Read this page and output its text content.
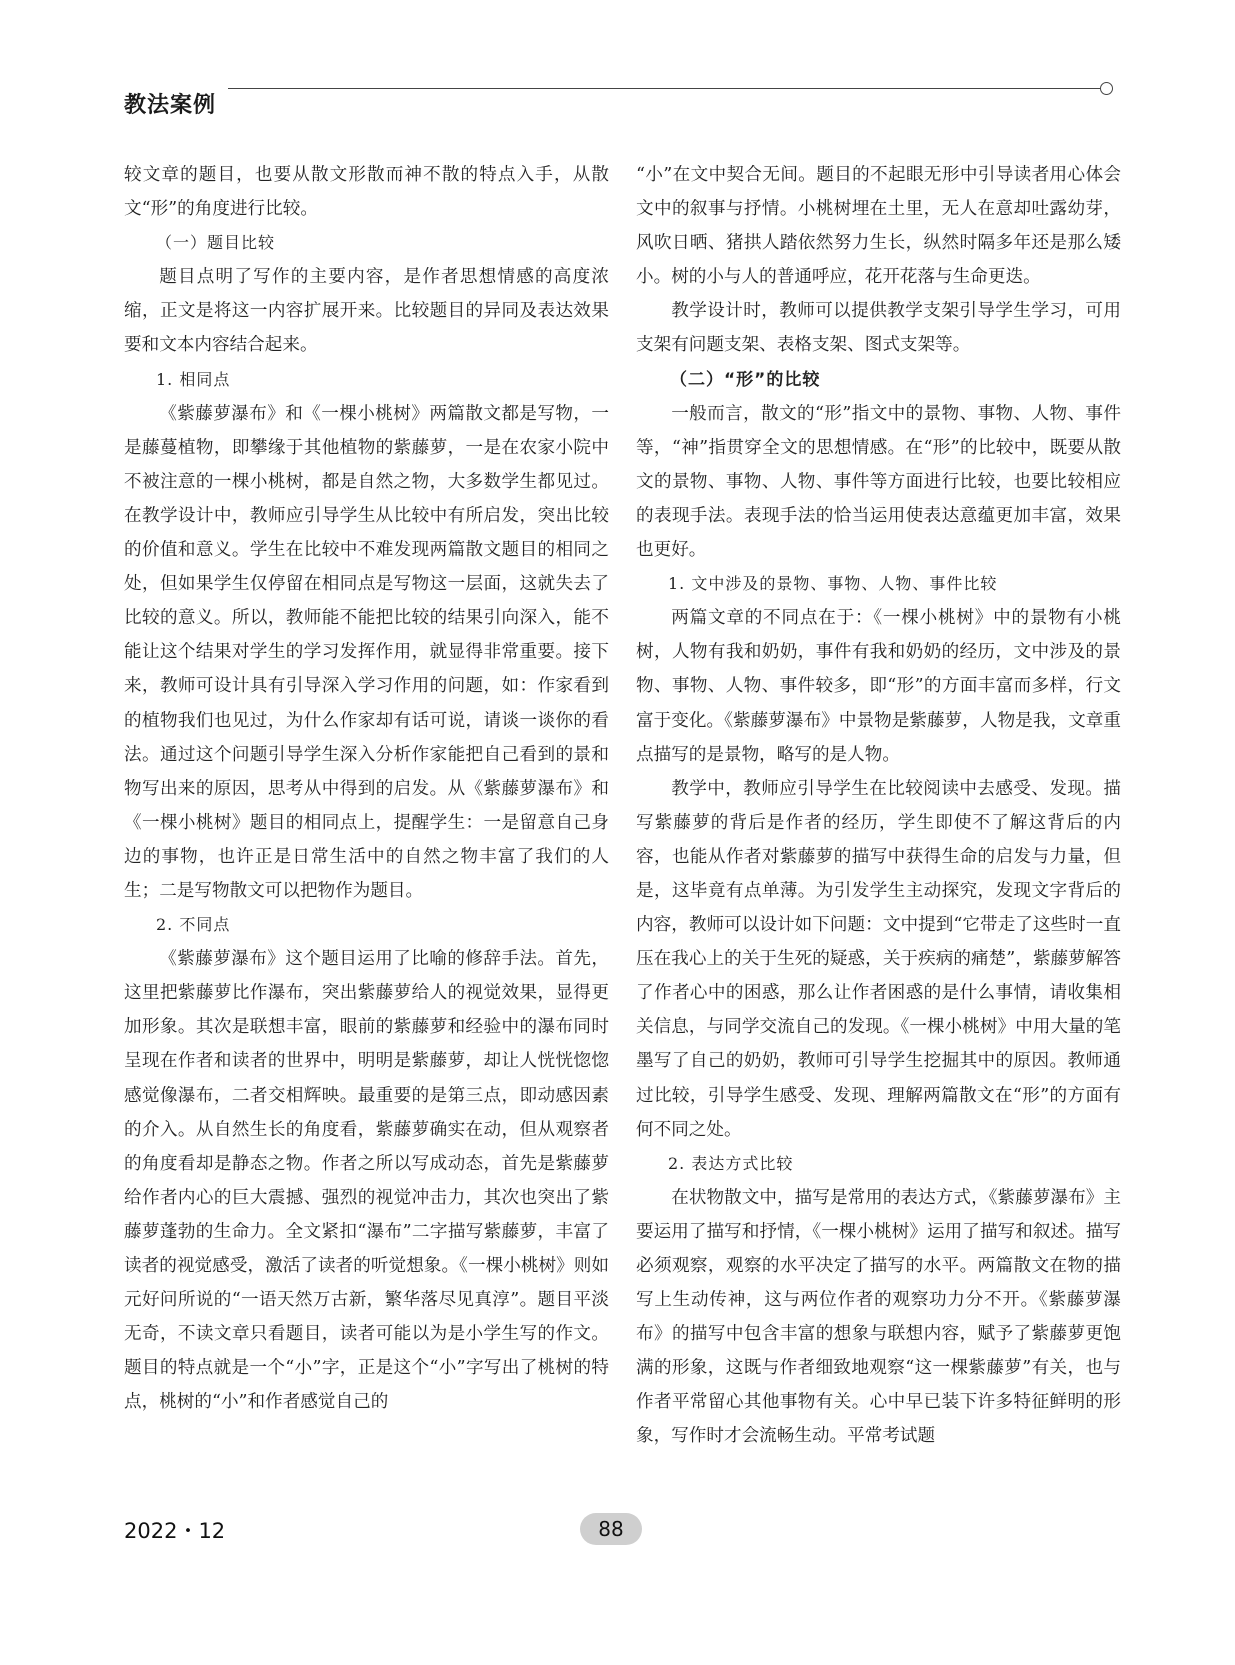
教法案例

较文章的题目，也要从散文形散而神不散的特点入手，从散文“形”的角度进行比较。

（一）题目比较

题目点明了写作的主要内容，是作者思想情感的高度浓缩，正文是将这一内容扩展开来。比较题目的异同及表达效果要和文本内容结合起来。

1. 相同点

《紫藤萝瀑布》和《一棵小桃树》两篇散文都是写物，一是藤蔓植物，即攀缘于其他植物的紫藤萝，一是在农家小院中不被注意的一棵小桃树，都是自然之物，大多数学生都见过。在教学设计中，教师应引导学生从比较中有所启发，突出比较的价值和意义。学生在比较中不难发现两篇散文题目的相同之处，但如果学生仅停留在相同点是写物这一层面，这就失去了比较的意义。所以，教师能不能把比较的结果引向深入，能不能让这个结果对学生的学习发挥作用，就显得非常重要。接下来，教师可设计具有引导深入学习作用的问题，如：作家看到的植物我们也见过，为什么作家却有话可说，请谈一谈你的看法。通过这个问题引导学生深入分析作家能把自己看到的景和物写出来的原因，思考从中得到的启发。从《紫藤萝瀑布》和《一棵小桃树》题目的相同点上，提醒学生：一是留意自己身边的事物，也许正是日常生活中的自然之物丰富了我们的人生；二是写物散文可以把物作为题目。

2. 不同点

《紫藤萝瀑布》这个题目运用了比喻的修辞手法。首先，这里把紫藤萝比作瀑布，突出紫藤萝给人的视觉效果，显得更加形象。其次是联想丰富，眼前的紫藤萝和经验中的瀑布同时呈现在作者和读者的世界中，明明是紫藤萝，却让人恍恍惚惚感觉像瀑布，二者交相辉映。最重要的是第三点，即动感因素的介入。从自然生长的角度看，紫藤萝确实在动，但从观察者的角度看却是静态之物。作者之所以写成动态，首先是紫藤萝给作者内心的巨大震撼、强烈的视觉冲击力，其次也突出了紫藤萝蓬勃的生命力。全文紧扣“瀑布”二字描写紫藤萝，丰富了读者的视觉感受，激活了读者的听觉想象。《一棵小桃树》则如元好问所说的“一语天然万古新，繁华落尽见真淳”。题目平淡无奇，不读文章只看题目，读者可能以为是小学生写的作文。题目的特点就是一个“小”字，正是这个“小”字写出了桃树的特点，桃树的“小”和作者感觉自己的

“小”在文中契合无间。题目的不起眼无形中引导读者用心体会文中的叙事与抒情。小桃树埋在土里，无人在意却吐露幼芽，风吹日晒、猪拱人踏依然努力生长，纵然时隔多年还是那么矮小。树的小与人的普通呼应，花开花落与生命更迭。

教学设计时，教师可以提供教学支架引导学生学习，可用支架有问题支架、表格支架、图式支架等。

（二）“形”的比较

一般而言，散文的“形”指文中的景物、事物、人物、事件等，“神”指贯穿全文的思想情感。在“形”的比较中，既要从散文的景物、事物、人物、事件等方面进行比较，也要比较相应的表现手法。表现手法的恰当运用使表达意蕴更加丰富，效果也更好。

1. 文中涉及的景物、事物、人物、事件比较

两篇文章的不同点在于：《一棵小桃树》中的景物有小桃树，人物有我和奶奶，事件有我和奶奶的经历，文中涉及的景物、事物、人物、事件较多，即“形”的方面丰富而多样，行文富于变化。《紫藤萝瀑布》中景物是紫藤萝，人物是我，文章重点描写的是景物，略写的是人物。

教学中，教师应引导学生在比较阅读中去感受、发现。描写紫藤萝的背后是作者的经历，学生即使不了解这背后的内容，也能从作者对紫藤萝的描写中获得生命的启发与力量，但是，这毕竟有点单薄。为引发学生主动探究，发现文字背后的内容，教师可以设计如下问题：文中提到“它带走了这些时一直压在我心上的关于生死的疑惑，关于疾病的痛楚”，紫藤萝解答了作者心中的困惑，那么让作者困惑的是什么事情，请收集相关信息，与同学交流自己的发现。《一棵小桃树》中用大量的笔墨写了自己的奶奶，教师可引导学生挖掘其中的原因。教师通过比较，引导学生感受、发现、理解两篇散文在“形”的方面有何不同之处。

2. 表达方式比较

在状物散文中，描写是常用的表达方式，《紫藤萝瀑布》主要运用了描写和抒情，《一棵小桃树》运用了描写和叙述。描写必须观察，观察的水平决定了描写的水平。两篇散文在物的描写上生动传神，这与两位作者的观察功力分不开。《紫藤萝瀑布》的描写中包含丰富的想象与联想内容，赋予了紫藤萝更饱满的形象，这既与作者细致地观察“这一棵紫藤萝”有关，也与作者平常留心其他事物有关。心中早已装下许多特征鲜明的形象，写作时才会流畅生动。平常考试题

2022・12	88
